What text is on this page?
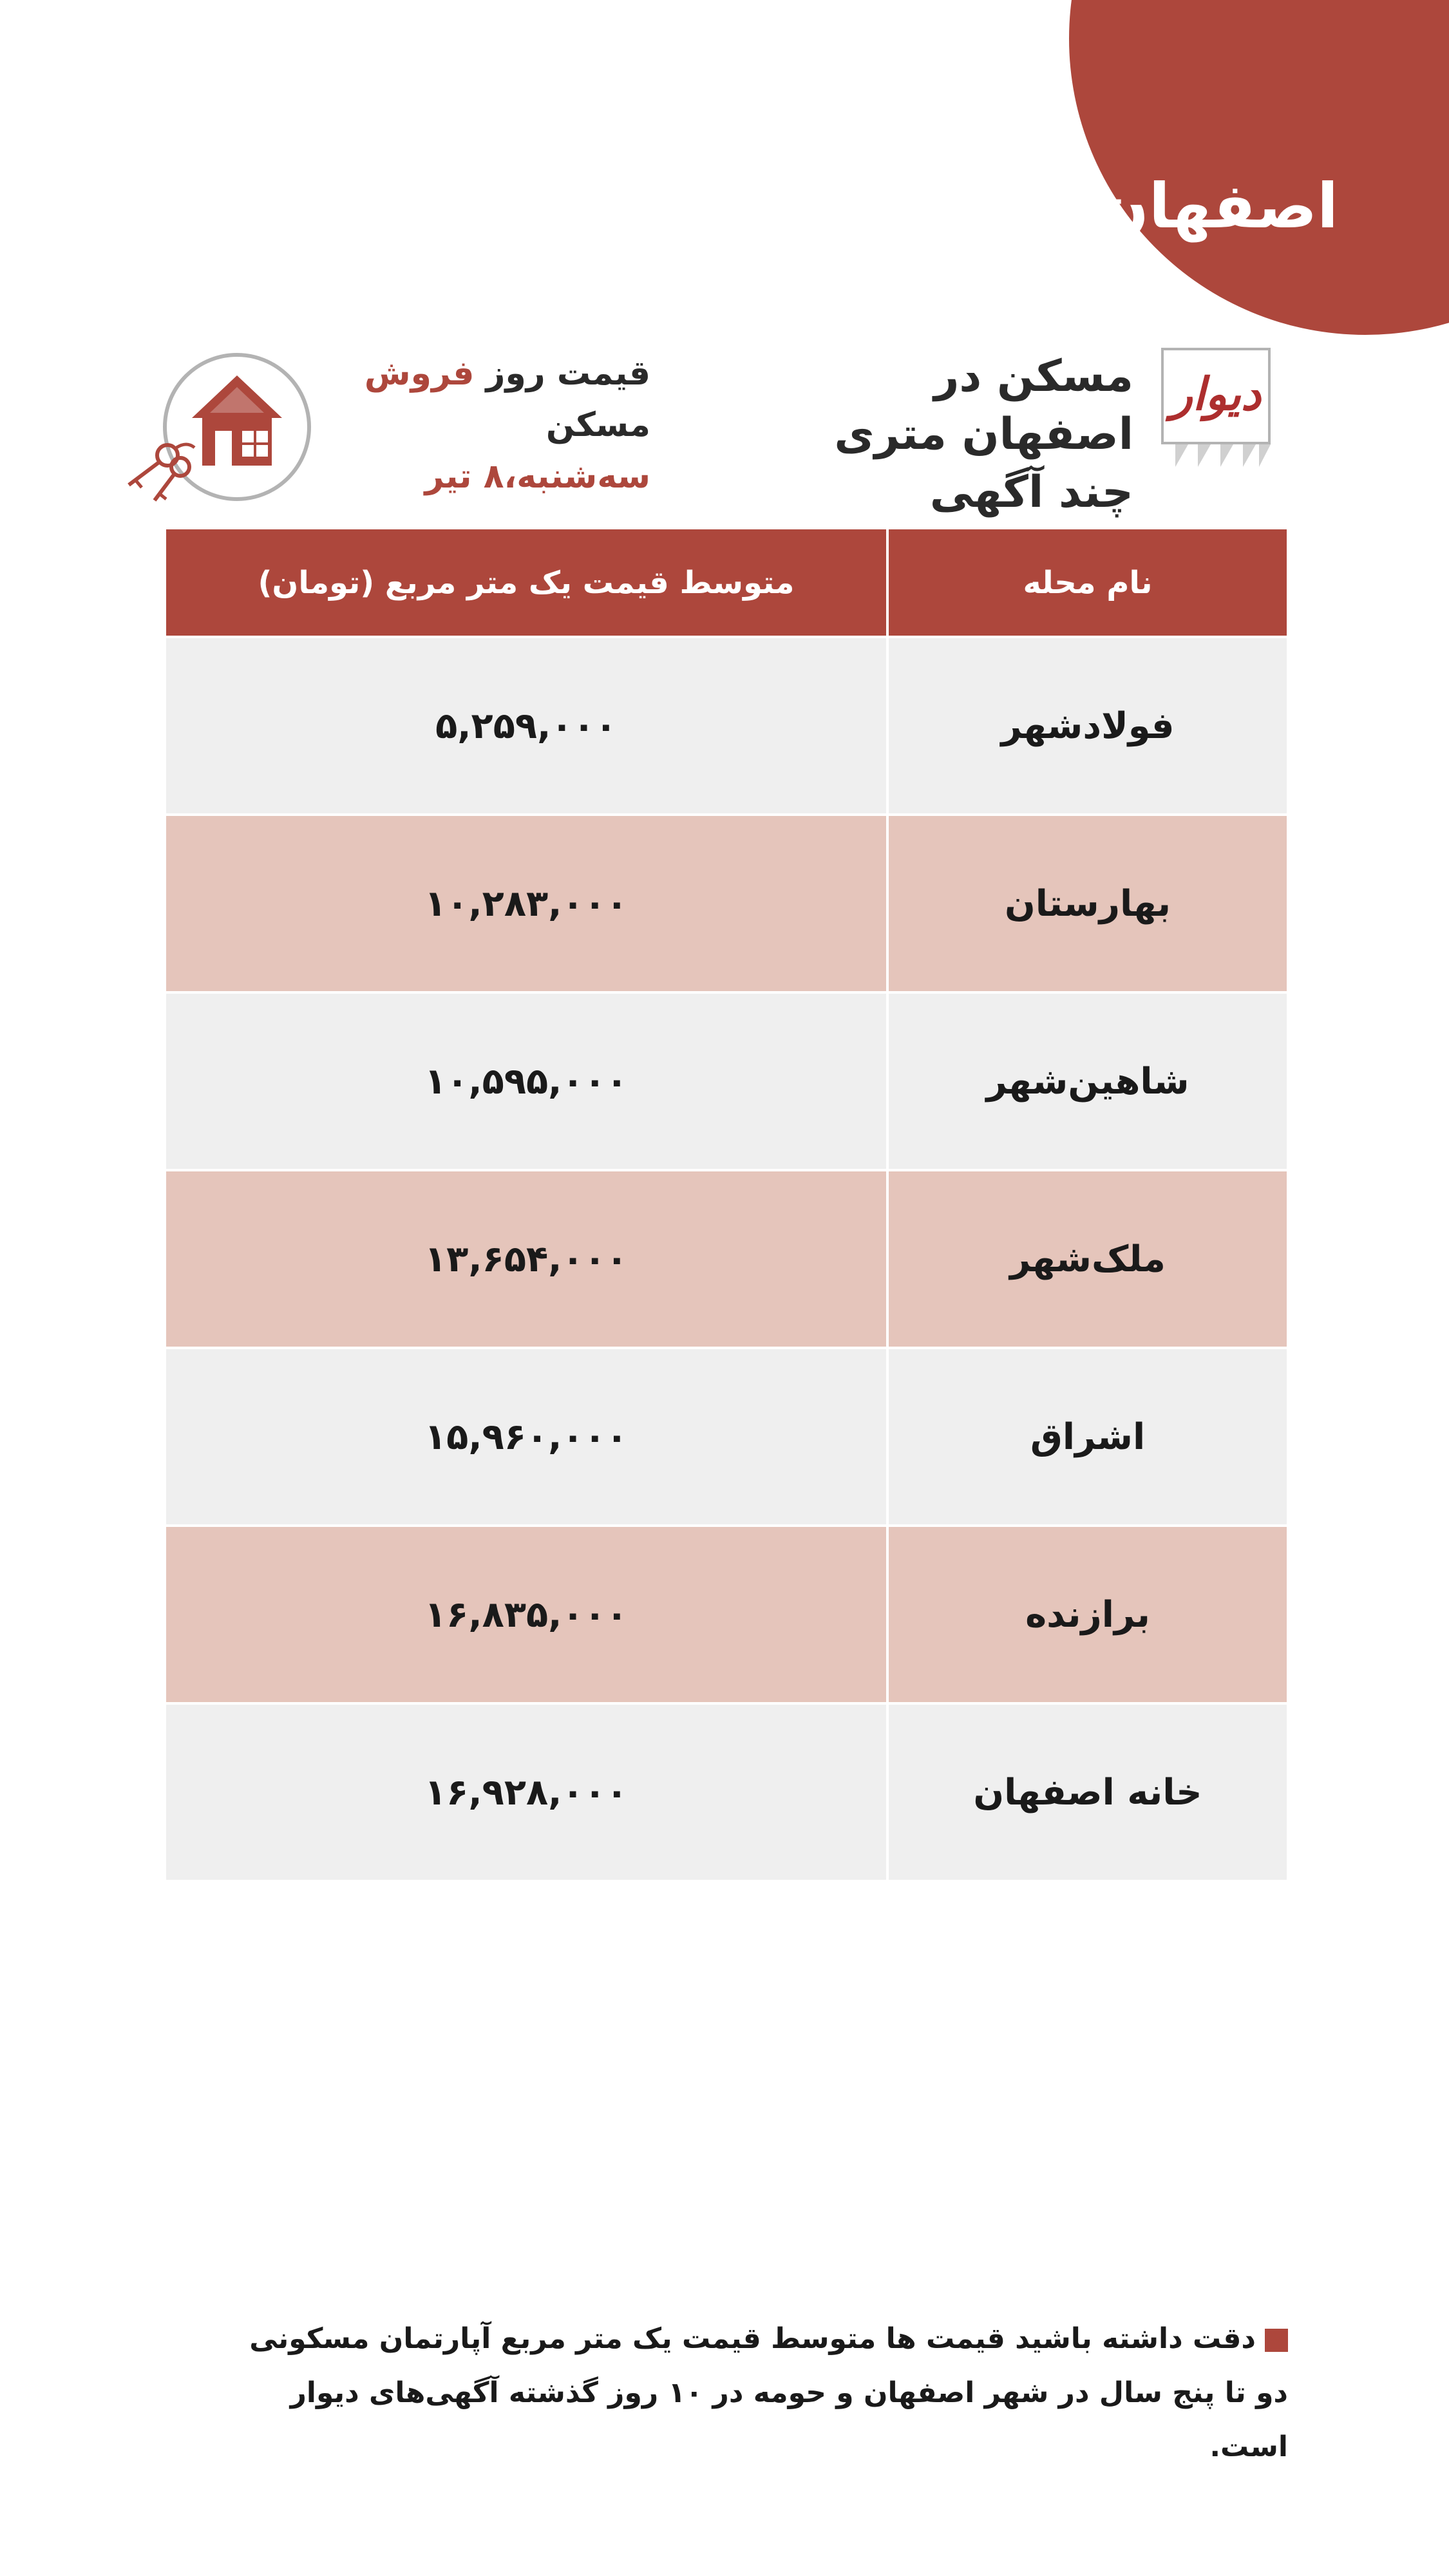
اصفهان
دیوار
مسکن در اصفهان متری چند آگهی
قیمت روز فروش مسکن
سه‌شنبه،۸ تیر
نام محله	متوسط قیمت یک متر مربع (تومان)
فولادشهر	۵,۲۵۹,۰۰۰
بهارستان	۱۰,۲۸۳,۰۰۰
شاهین‌شهر	۱۰,۵۹۵,۰۰۰
ملک‌شهر	۱۳,۶۵۴,۰۰۰
اشراق	۱۵,۹۶۰,۰۰۰
برازنده	۱۶,۸۳۵,۰۰۰
خانه اصفهان	۱۶,۹۲۸,۰۰۰
دقت داشته باشید قیمت ها متوسط قیمت یک متر مربع آپارتمان مسکونی دو تا پنج سال در شهر اصفهان و حومه در ۱۰ روز گذشته آگهی‌های دیوار است.
